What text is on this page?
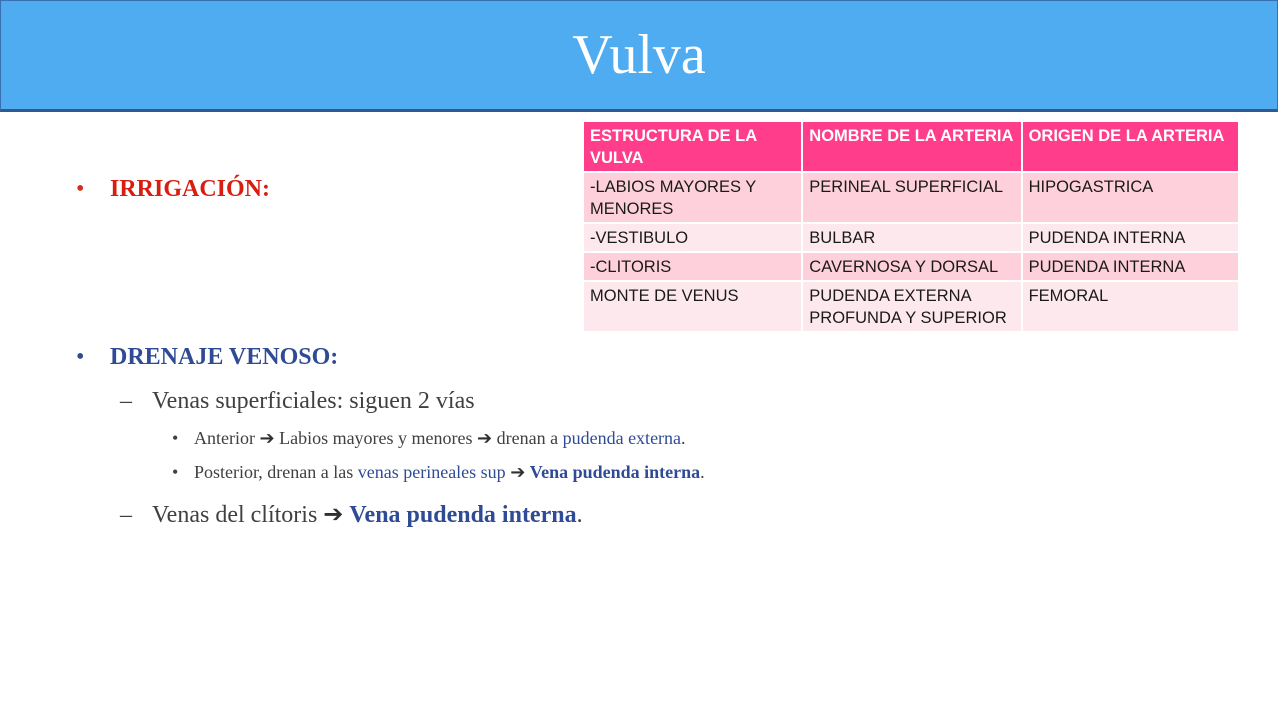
Vulva
• IRRIGACIÓN:
ESTRUCTURA DE LA VULVA	NOMBRE DE LA ARTERIA	ORIGEN DE LA ARTERIA
-LABIOS MAYORES Y MENORES	PERINEAL SUPERFICIAL	HIPOGASTRICA
-VESTIBULO	BULBAR	PUDENDA INTERNA
-CLITORIS	CAVERNOSA Y DORSAL	PUDENDA INTERNA
MONTE DE VENUS	PUDENDA EXTERNA PROFUNDA Y SUPERIOR	FEMORAL
• DRENAJE VENOSO:
– Venas superficiales: siguen 2 vías
• Anterior ➔ Labios mayores y menores ➔ drenan a pudenda externa.
• Posterior, drenan a las venas perineales sup ➔ Vena pudenda interna.
– Venas del clítoris ➔ Vena pudenda interna.
